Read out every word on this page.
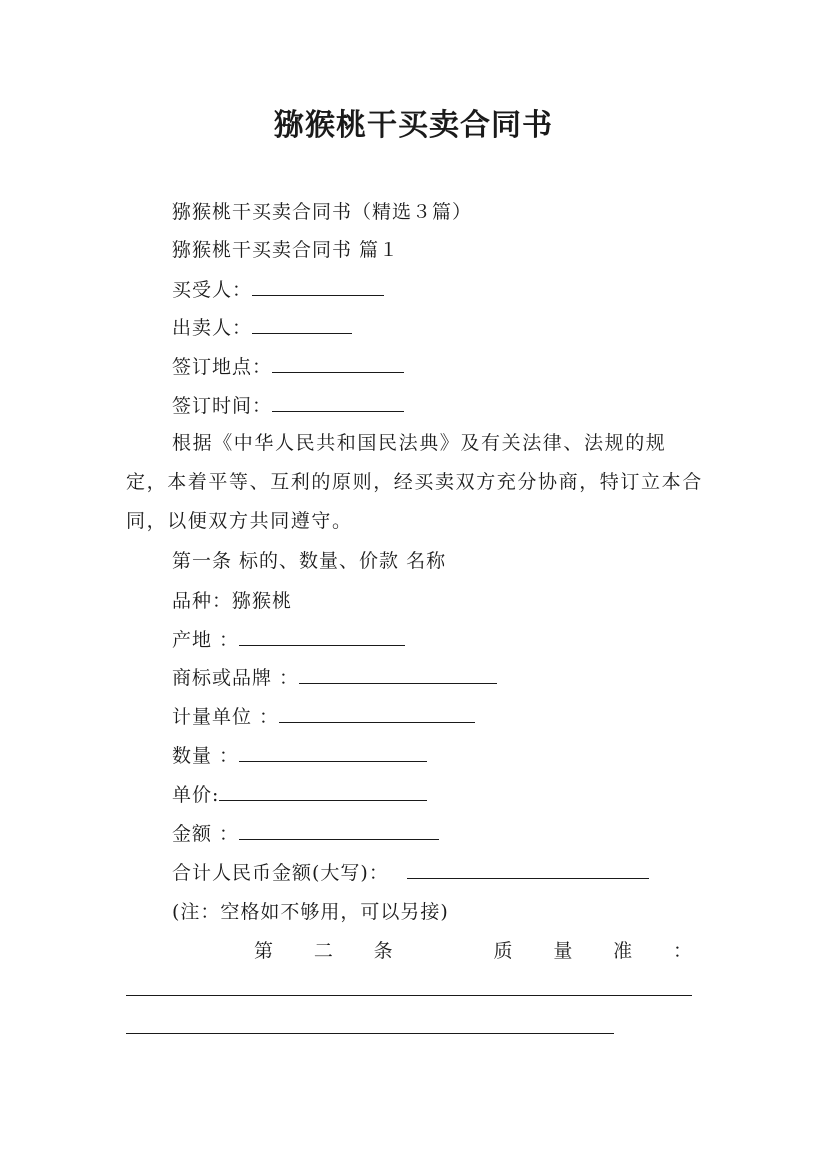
猕猴桃干买卖合同书
猕猴桃干买卖合同书（精选３篇）
猕猴桃干买卖合同书 篇１
买受人：
出卖人：
签订地点：
签订时间：
根据《中华人民共和国民法典》及有关法律、法规的规定，本着平等、互利的原则，经买卖双方充分协商，特订立本合同，以便双方共同遵守。
第一条 标的、数量、价款 名称
品种：猕猴桃
产地 ：
商标或品牌 ：
计量单位 ：
数量 ：
单价:
金额 ：
合计人民币金额(大写)：
(注：空格如不够用，可以另接)
第 二 条	质 量 准 ：
